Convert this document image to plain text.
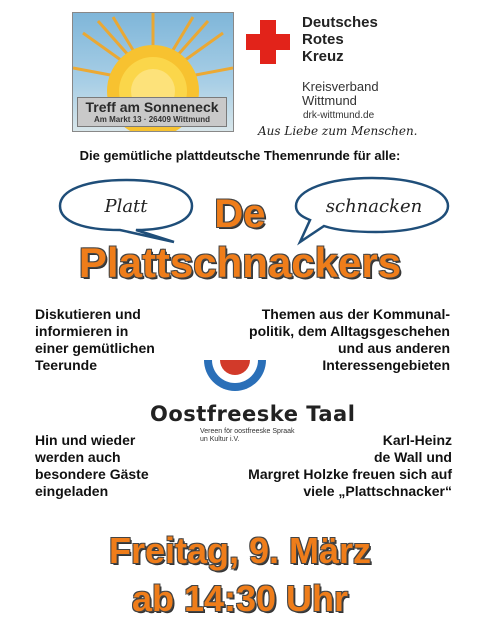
Treff am Sonneneck
Am Markt 13 · 26409 Wittmund
Deutsches
Rotes
Kreuz
Kreisverband
Wittmund
drk-wittmund.de
Aus Liebe zum Menschen.
Die gemütliche plattdeutsche Themenrunde für alle:
Platt	schnacken
De
Plattschnackers
Diskutieren und
informieren in
einer gemütlichen
Teerunde
Themen aus der Kommunal-
politik, dem Alltagsgeschehen
und aus anderen
Interessengebieten
Oostfreeske Taal
Vereen för oostfreeske Spraak
un Kultur i.V.
Hin und wieder
werden auch
besondere Gäste
eingeladen
Karl-Heinz
de Wall und
Margret Holzke freuen sich auf
viele „Plattschnacker“
Freitag, 9. März
ab 14:30 Uhr
